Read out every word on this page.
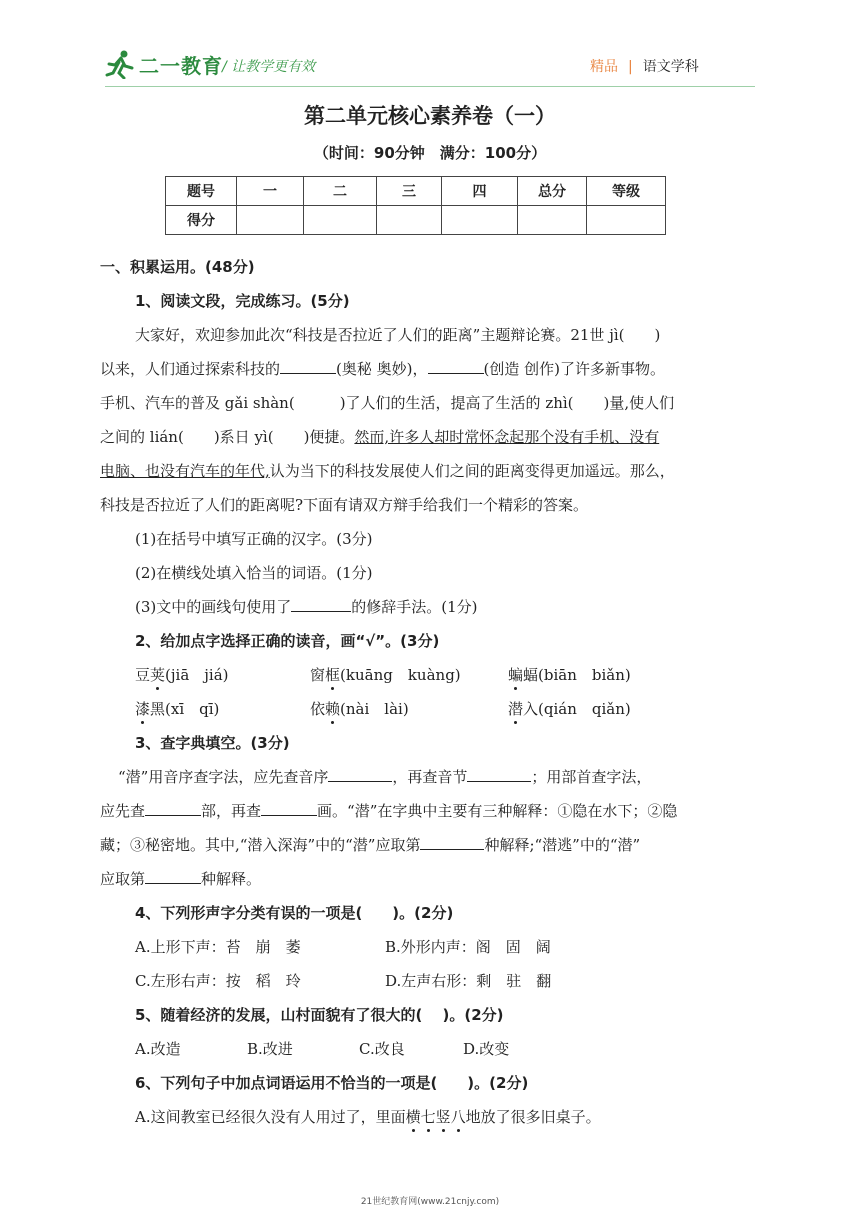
二一教育 / 让教学更有效	精品 | 语文学科
第二单元核心素养卷（一）
（时间：90分钟　满分：100分）
题号	一	二	三	四	总分	等级
得分						
一、积累运用。(48分)
1、阅读文段，完成练习。(5分)
大家好，欢迎参加此次“科技是否拉近了人们的距离”主题辩论赛。21世 jì(　　)
以来，人们通过探索科技的	(奥秘 奥妙)，	(创造 创作)了许多新事物。
手机、汽车的普及 gǎi shàn(　　　)了人们的生活，提高了生活的 zhì(　　)量,使人们
之间的 lián(　　)系日 yì(　　)便捷。然而,许多人却时常怀念起那个没有手机、没有
电脑、也没有汽车的年代,认为当下的科技发展使人们之间的距离变得更加遥远。那么，
科技是否拉近了人们的距离呢?下面有请双方辩手给我们一个精彩的答案。
(1)在括号中填写正确的汉字。(3分)
(2)在横线处填入恰当的词语。(1分)
(3)文中的画线句使用了	的修辞手法。(1分)
2、给加点字选择正确的读音，画“√”。(3分)
豆荚(jiā　jiá)	窗框(kuāng　kuàng)	蝙蝠(biān　biǎn)
漆黑(xī　qī)	依赖(nài　lài)	潜入(qián　qiǎn)
3、查字典填空。(3分)
“潜”用音序查字法，应先查音序	，再查音节	；用部首查字法，
应先查	部，再查	画。“潜”在字典中主要有三种解释：①隐在水下；②隐
藏；③秘密地。其中,“潜入深海”中的“潜”应取第	种解释;“潜逃”中的“潜”
应取第	种解释。
4、下列形声字分类有误的一项是(　　)。(2分)
A.上形下声：苔　崩　萎	B.外形内声：阁　固　阔
C.左形右声：按　稻　玲	D.左声右形：剩　驻　翻
5、随着经济的发展，山村面貌有了很大的(　 )。(2分)
A.改造	B.改进	C.改良	D.改变
6、下列句子中加点词语运用不恰当的一项是(　　)。(2分)
A.这间教室已经很久没有人用过了，里面横七竖八地放了很多旧桌子。
21世纪教育网(www.21cnjy.com)
